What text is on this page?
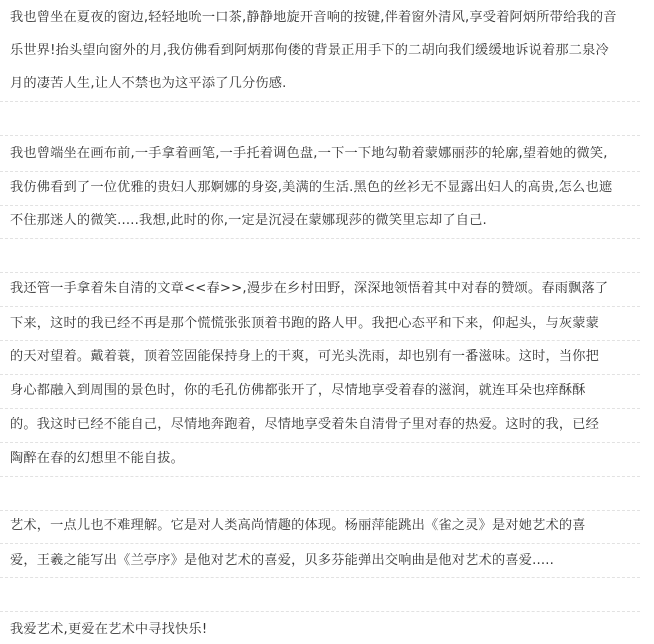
我也曾坐在夏夜的窗边,轻轻地吮一口茶,静静地旋开音响的按键,伴着窗外清风,享受着阿炳所带给我的音
乐世界!抬头望向窗外的月,我仿佛看到阿炳那佝偻的背景正用手下的二胡向我们缓缓地诉说着那二泉冷
月的凄苦人生,让人不禁也为这平添了几分伤感.
我也曾端坐在画布前,一手拿着画笔,一手托着调色盘,一下一下地勾勒着蒙娜丽莎的轮廓,望着她的微笑,
我仿佛看到了一位优雅的贵妇人那婀娜的身姿,美满的生活.黑色的丝衫无不显露出妇人的高贵,怎么也遮
不住那迷人的微笑.....我想,此时的你,一定是沉浸在蒙娜现莎的微笑里忘却了自己.
我还管一手拿着朱自清的文章<<春>>,漫步在乡村田野，深深地领悟着其中对春的赞颂。春雨飘落了
下来，这时的我已经不再是那个慌慌张张顶着书跑的路人甲。我把心态平和下来，仰起头，与灰蒙蒙
的天对望着。戴着蓑，顶着笠固能保持身上的干爽，可光头洗雨，却也别有一番滋味。这时，当你把
身心都融入到周围的景色时，你的毛孔仿佛都张开了，尽情地享受着春的滋润，就连耳朵也痒酥酥
的。我这时已经不能自己，尽情地奔跑着，尽情地享受着朱自清骨子里对春的热爱。这时的我，已经
陶醉在春的幻想里不能自拔。
艺术，一点儿也不难理解。它是对人类高尚情趣的体现。杨丽萍能跳出《雀之灵》是对她艺术的喜
爱，王羲之能写出《兰亭序》是他对艺术的喜爱，贝多芬能弹出交响曲是他对艺术的喜爱.....
我爱艺术,更爱在艺术中寻找快乐!
